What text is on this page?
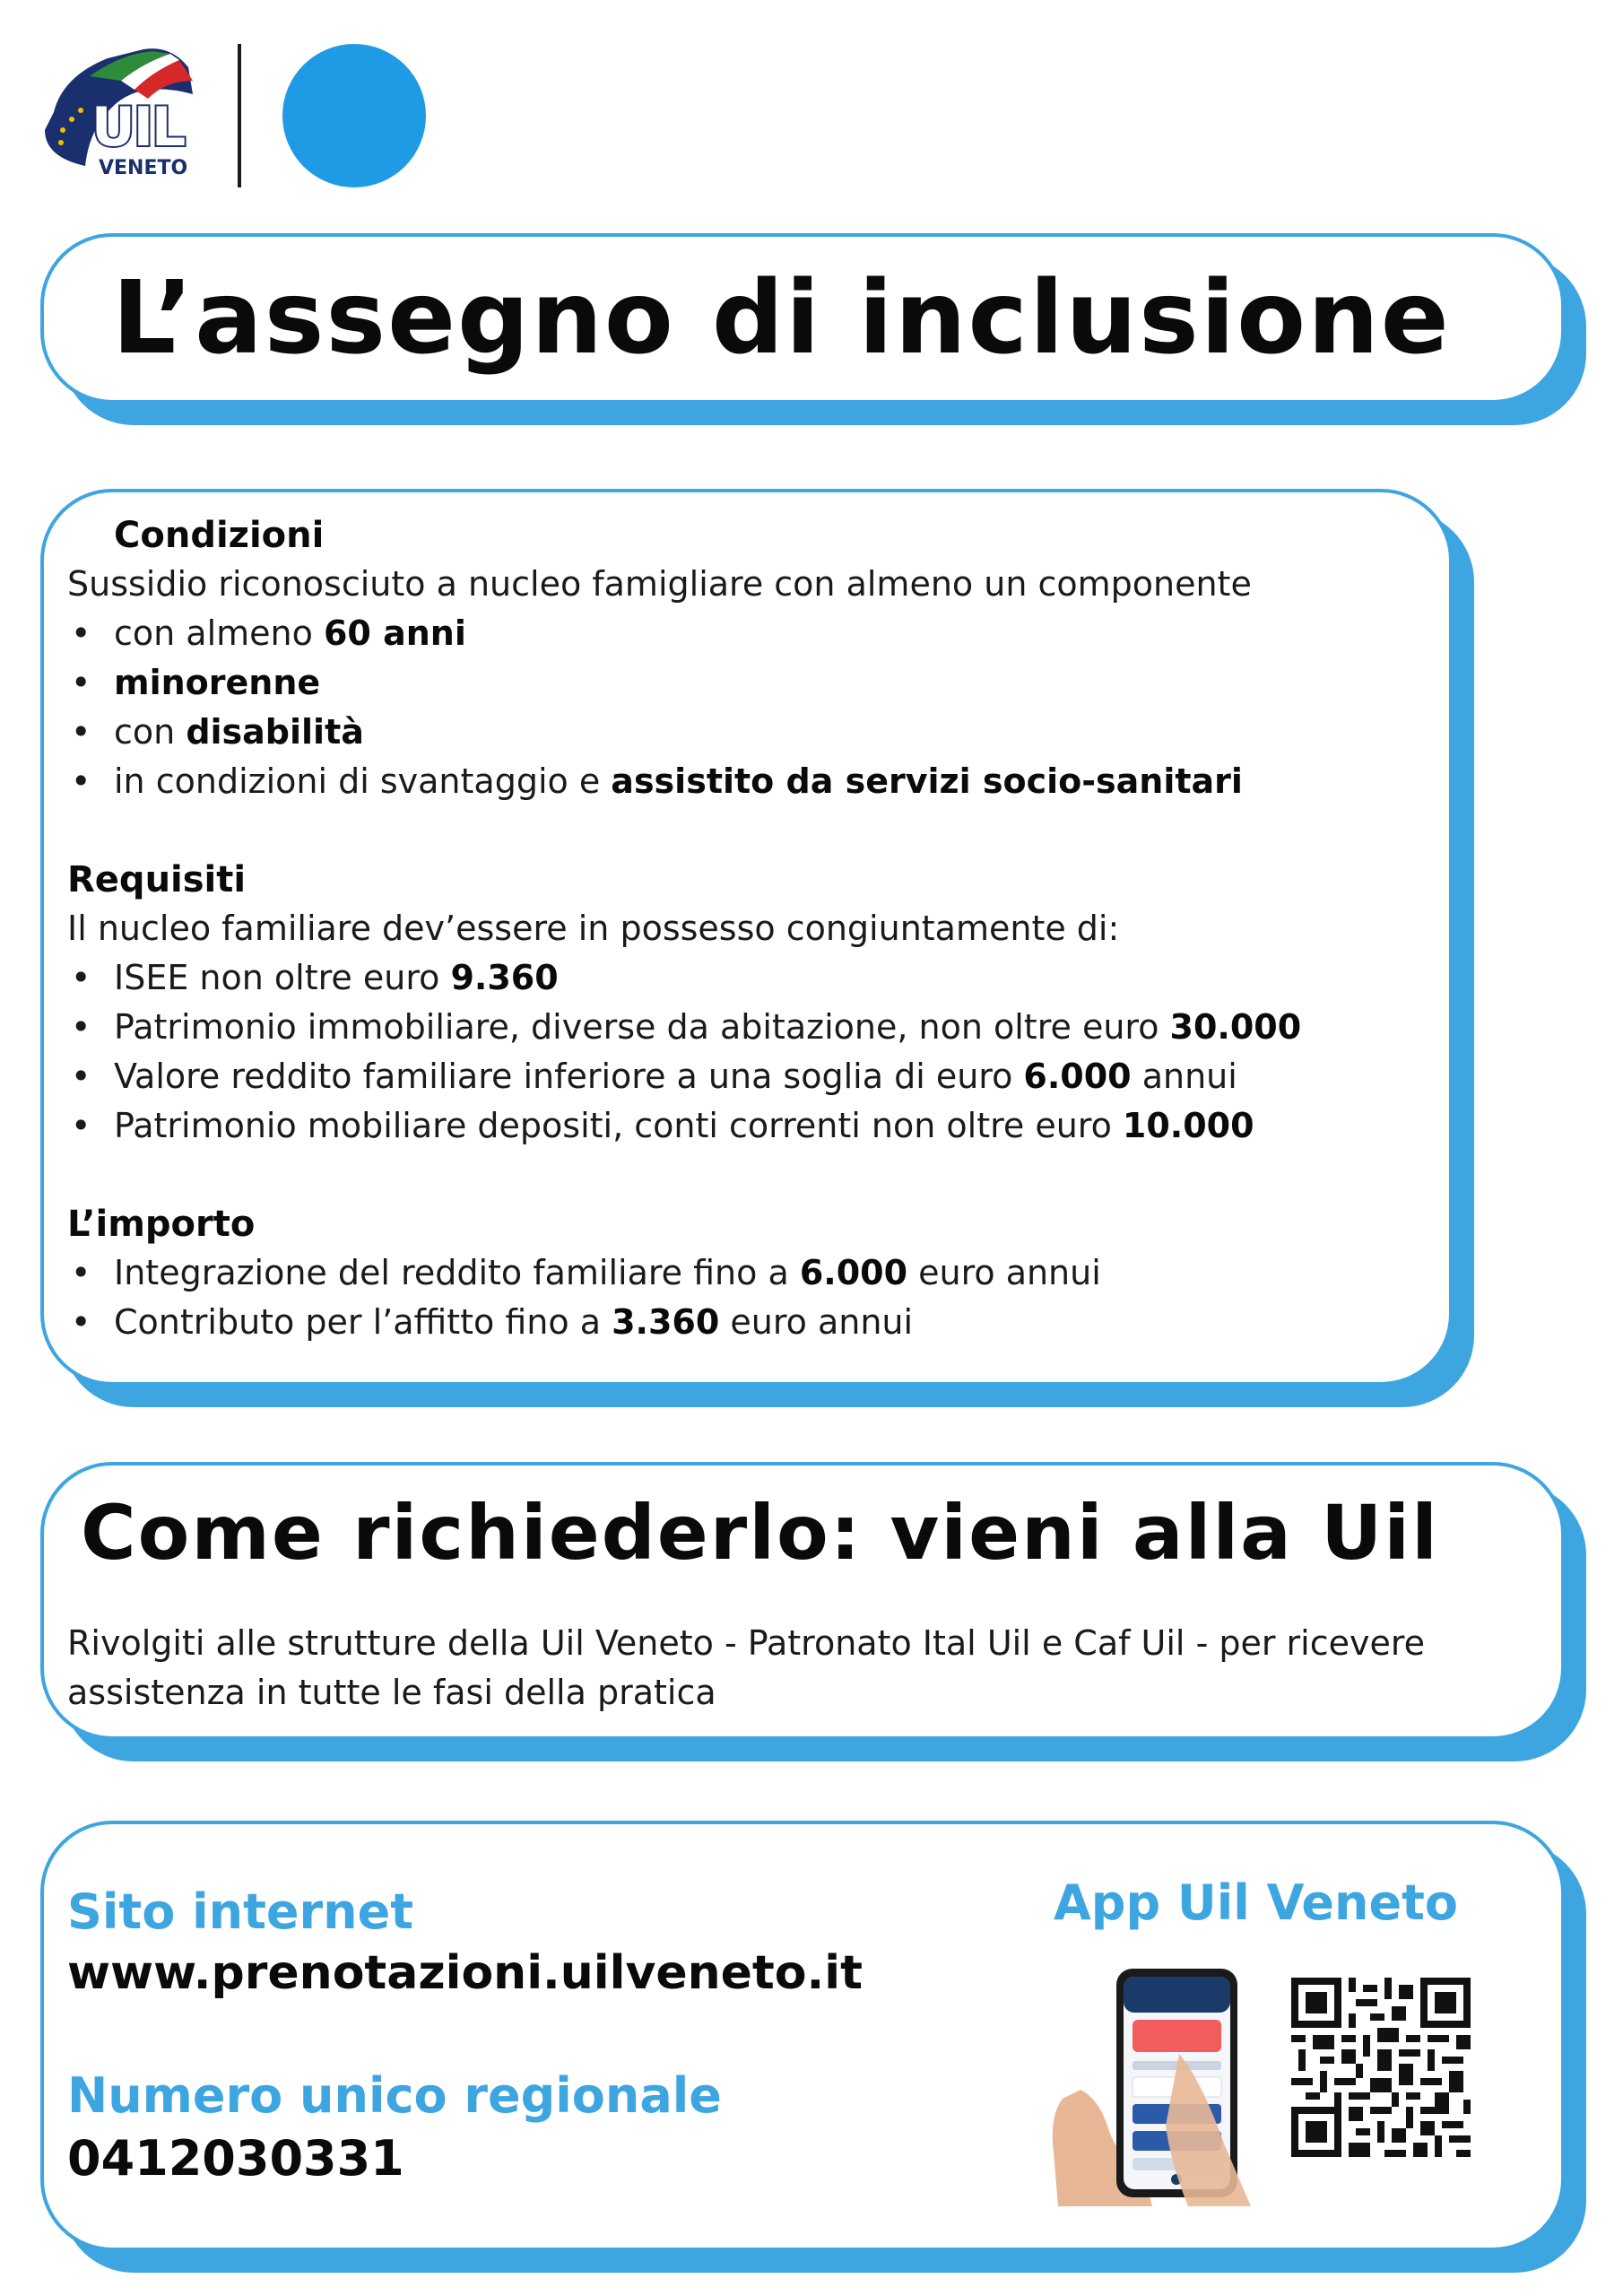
UIL
VENETO
L’assegno di inclusione
Condizioni
Sussidio riconosciuto a nucleo famigliare con almeno un componente
• con almeno 60 anni
• minorenne
• con disabilità
• in condizioni di svantaggio e assistito da servizi socio-sanitari
Requisiti
Il nucleo familiare dev’essere in possesso congiuntamente di:
• ISEE non oltre euro 9.360
• Patrimonio immobiliare, diverse da abitazione, non oltre euro 30.000
• Valore reddito familiare inferiore a una soglia di euro 6.000 annui
• Patrimonio mobiliare depositi, conti correnti non oltre euro 10.000
L’importo
• Integrazione del reddito familiare fino a 6.000 euro annui
• Contributo per l’affitto fino a 3.360 euro annui
Come richiederlo: vieni alla Uil
Rivolgiti alle strutture della Uil Veneto - Patronato Ital Uil e Caf Uil - per ricevere
assistenza in tutte le fasi della pratica
Sito internet
www.prenotazioni.uilveneto.it
Numero unico regionale
0412030331
App Uil Veneto
